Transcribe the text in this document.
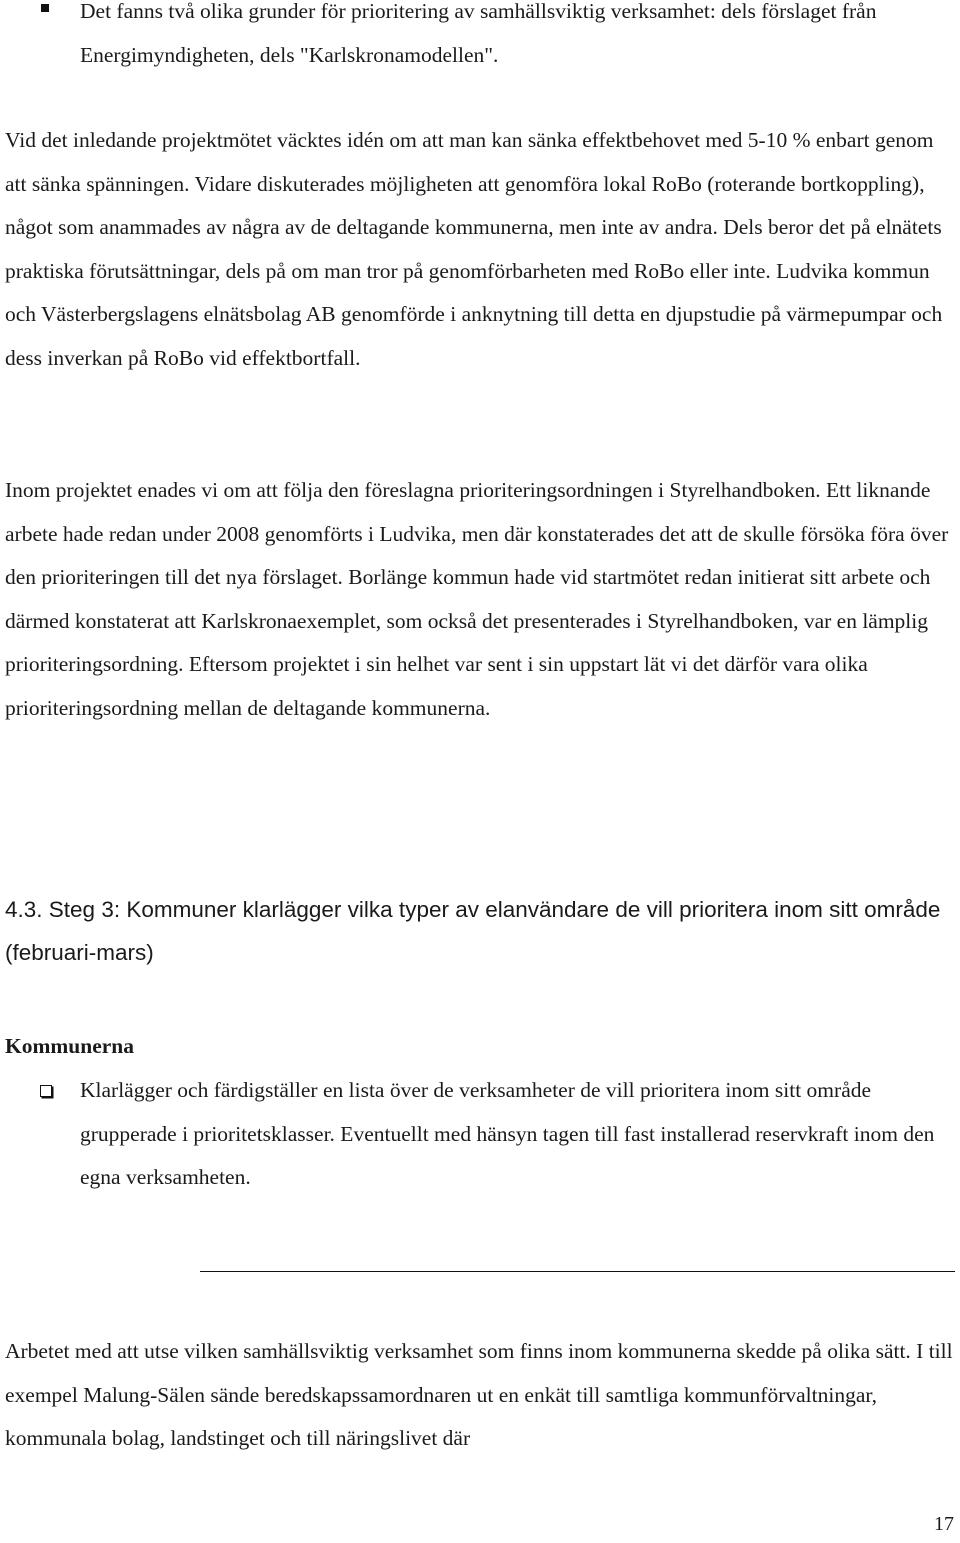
Det fanns två olika grunder för prioritering av samhällsviktig verksamhet: dels förslaget från Energimyndigheten, dels "Karlskronamodellen".

Vid det inledande projektmötet väcktes idén om att man kan sänka effektbehovet med 5-10 % enbart genom att sänka spänningen. Vidare diskuterades möjligheten att genomföra lokal RoBo (roterande bortkoppling), något som anammades av några av de deltagande kommunerna, men inte av andra. Dels beror det på elnätets praktiska förutsättningar, dels på om man tror på genomförbarheten med RoBo eller inte. Ludvika kommun och Västerbergslagens elnätsbolag AB genomförde i anknytning till detta en djupstudie på värmepumpar och dess inverkan på RoBo vid effektbortfall.

Inom projektet enades vi om att följa den föreslagna prioriteringsordningen i Styrelhandboken. Ett liknande arbete hade redan under 2008 genomförts i Ludvika, men där konstaterades det att de skulle försöka föra över den prioriteringen till det nya förslaget. Borlänge kommun hade vid startmötet redan initierat sitt arbete och därmed konstaterat att Karlskronaexemplet, som också det presenterades i Styrelhandboken, var en lämplig prioriteringsordning. Eftersom projektet i sin helhet var sent i sin uppstart lät vi det därför vara olika prioriteringsordning mellan de deltagande kommunerna.

4.3. Steg 3: Kommuner klarlägger vilka typer av elanvändare de vill prioritera inom sitt område (februari-mars)

Kommunerna

Klarlägger och färdigställer en lista över de verksamheter de vill prioritera inom sitt område grupperade i prioritetsklasser. Eventuellt med hänsyn tagen till fast installerad reservkraft inom den egna verksamheten.

Arbetet med att utse vilken samhällsviktig verksamhet som finns inom kommunerna skedde på olika sätt. I till exempel Malung-Sälen sände beredskapssamordnaren ut en enkät till samtliga kommunförvaltningar, kommunala bolag, landstinget och till näringslivet där

17
